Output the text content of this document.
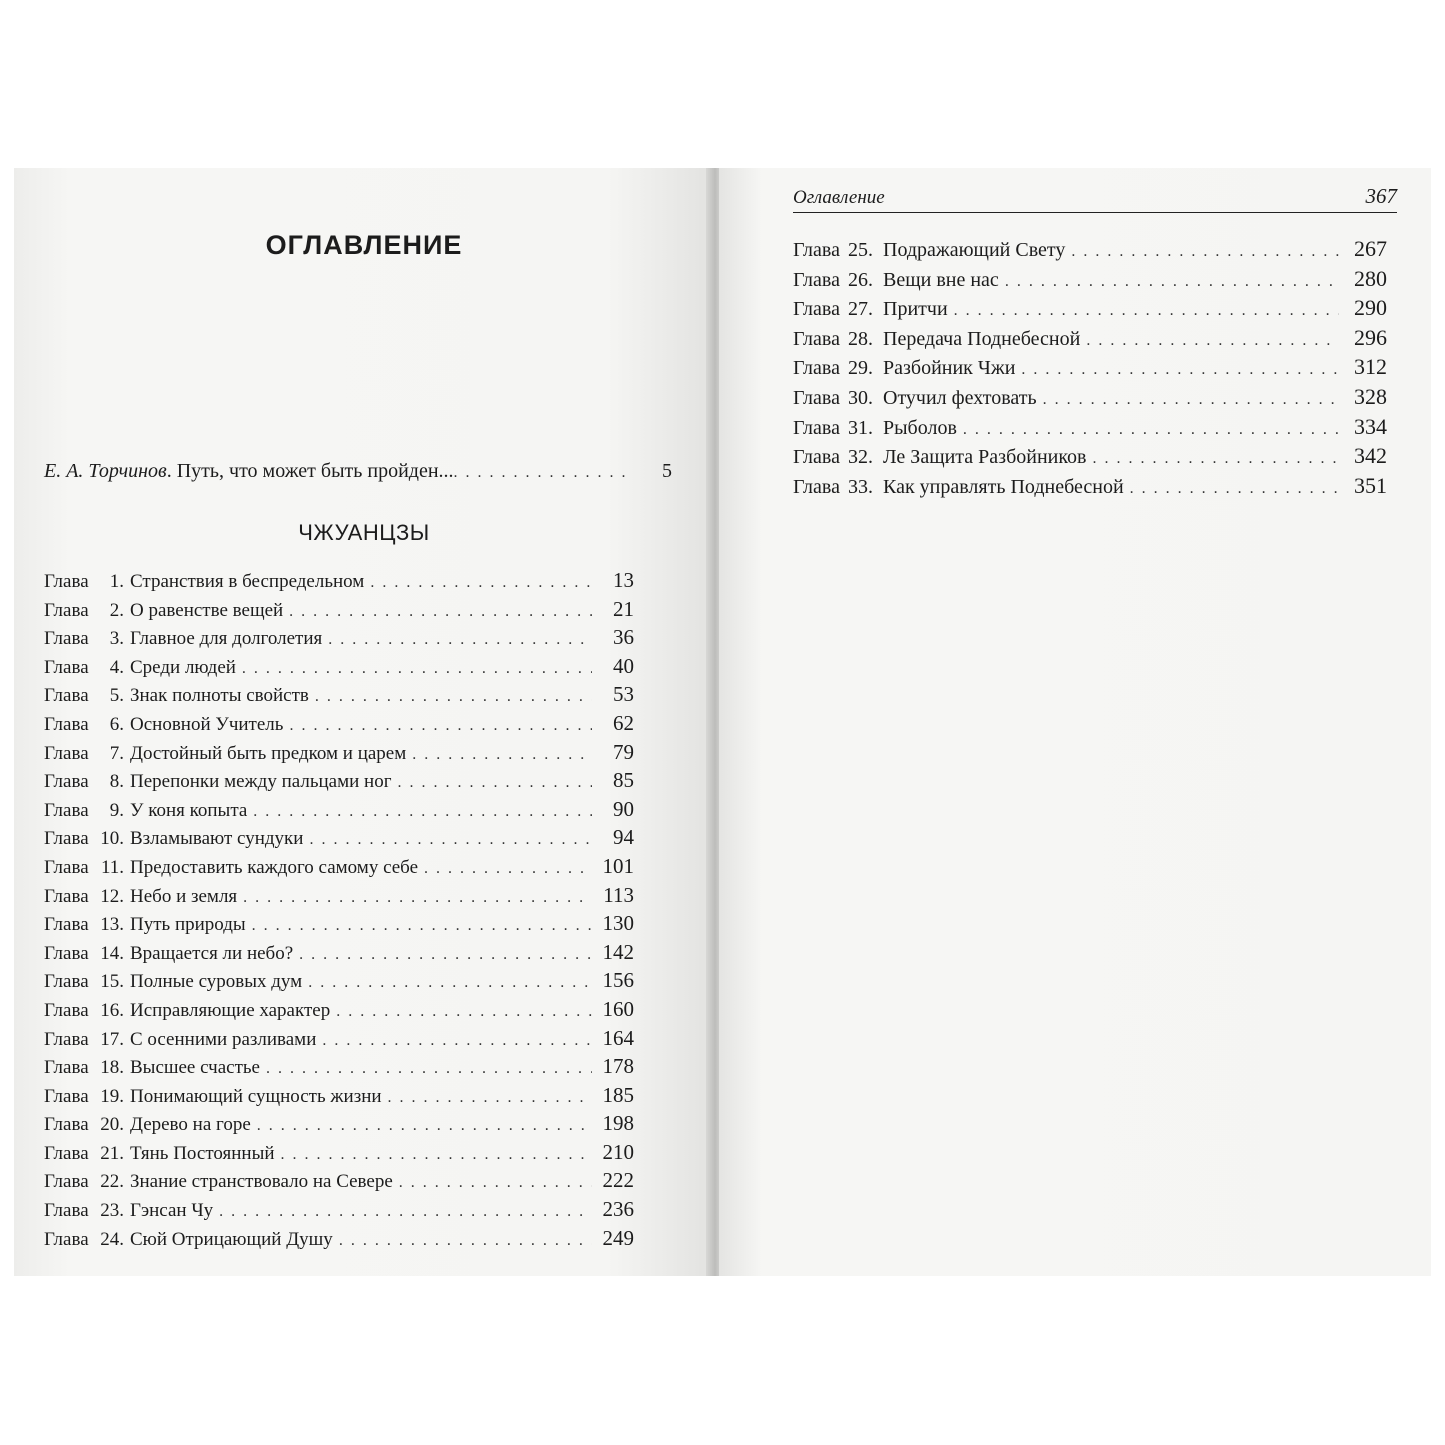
ОГЛАВЛЕНИЕ
Е. А. Торчинов . Путь, что может быть пройден... . . .	5
ЧЖУАНЦЗЫ
Глава	1. Странствия в беспредельном . . .	13
Глава	2. О равенстве вещей . . .	21
Глава	3. Главное для долголетия . . .	36
Глава	4. Среди людей . . .	40
Глава	5. Знак полноты свойств . . .	53
Глава	6. Основной Учитель . . .	62
Глава	7. Достойный быть предком и царем . . .	79
Глава	8. Перепонки между пальцами ног . . .	85
Глава	9. У коня копыта . . .	90
Глава 10. Взламывают сундуки . . .	94
Глава 11. Предоставить каждого самому себе . . .	101
Глава 12. Небо и земля . . .	113
Глава 13. Путь природы . . .	130
Глава 14. Вращается ли небо? . . .	142
Глава 15. Полные суровых дум . . .	156
Глава 16. Исправляющие характер . . .	160
Глава 17. С осенними разливами . . .	164
Глава 18. Высшее счастье . . .	178
Глава 19. Понимающий сущность жизни . . .	185
Глава 20. Дерево на горе . . .	198
Глава 21. Тянь Постоянный . . .	210
Глава 22. Знание странствовало на Севере . . .	222
Глава 23. Гэнсан Чу . . .	236
Глава 24. Сюй Отрицающий Душу . . .	249
Оглавление	367
Глава 25. Подражающий Свету . . .	267
Глава 26. Вещи вне нас . . .	280
Глава 27. Притчи . . .	290
Глава 28. Передача Поднебесной . . .	296
Глава 29. Разбойник Чжи . . .	312
Глава 30. Отучил фехтовать . . .	328
Глава 31. Рыболов . . .	334
Глава 32. Ле Защита Разбойников . . .	342
Глава 33. Как управлять Поднебесной . . .	351
